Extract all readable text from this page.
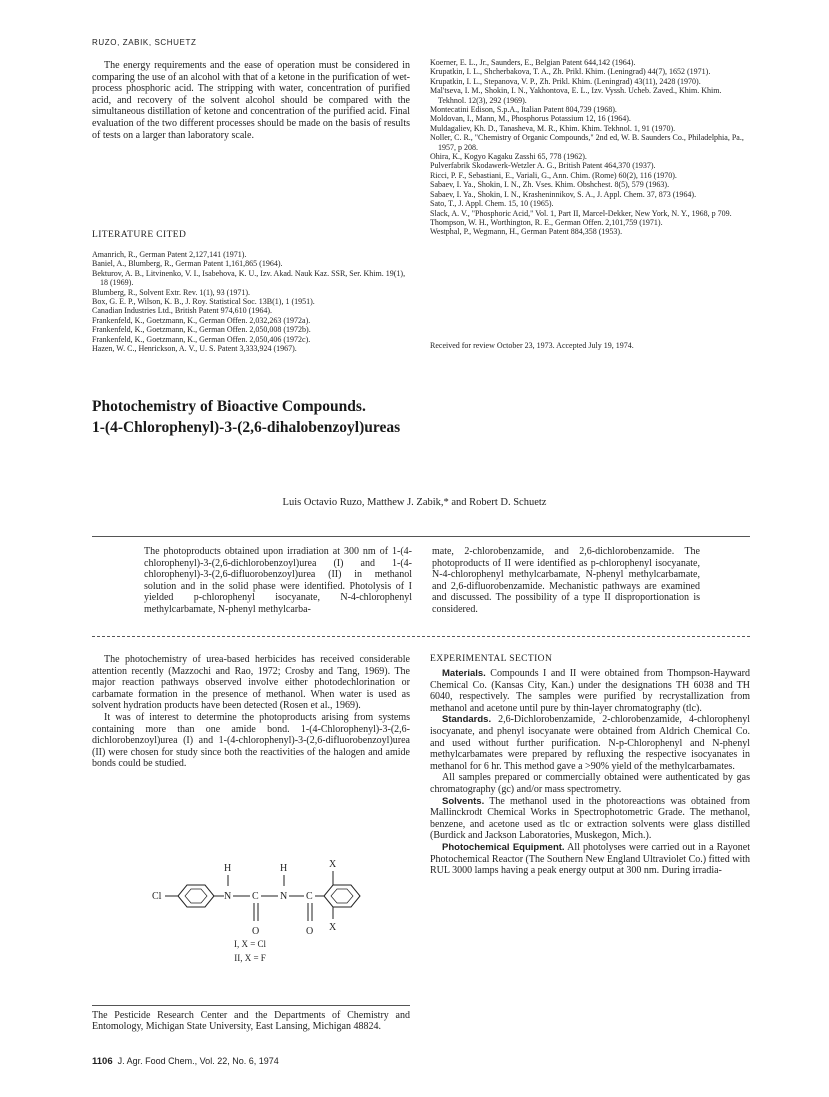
RUZO, ZABIK, SCHUETZ

The energy requirements and the ease of operation must be considered in comparing the use of an alcohol with that of a ketone in the purification of wet-process phosphoric acid. The stripping with water, concentration of purified acid, and recovery of the solvent alcohol should be compared with the simultaneous distillation of ketone and concentration of the purified acid. Final evaluation of the two different processes should be made on the basis of results of tests on a larger than laboratory scale.

LITERATURE CITED
Amanrich, R., German Patent 2,127,141 (1971).
Baniel, A., Blumberg, R., German Patent 1,161,865 (1964).
Bekturov, A. B., Litvinenko, V. I., Isabehova, K. U., Izv. Akad. Nauk Kaz. SSR, Ser. Khim. 19(1), 18 (1969).
Blumberg, R., Solvent Extr. Rev. 1(1), 93 (1971).
Box, G. E. P., Wilson, K. B., J. Roy. Statistical Soc. 13B(1), 1 (1951).
Canadian Industries Ltd., British Patent 974,610 (1964).
Frankenfeld, K., Goetzmann, K., German Offen. 2,032,263 (1972a).
Frankenfeld, K., Goetzmann, K., German Offen. 2,050,008 (1972b).
Frankenfeld, K., Goetzmann, K., German Offen. 2,050,406 (1972c).
Hazen, W. C., Henrickson, A. V., U. S. Patent 3,333,924 (1967).
Koerner, E. L., Jr., Saunders, E., Belgian Patent 644,142 (1964).
Krupatkin, I. L., Shcherbakova, T. A., Zh. Prikl. Khim. (Leningrad) 44(7), 1652 (1971).
Krupatkin, I. L., Stepanova, V. P., Zh. Prikl. Khim. (Leningrad) 43(11), 2428 (1970).
Mal'tseva, I. M., Shokin, I. N., Yakhontova, E. L., Izv. Vyssh. Ucheb. Zaved., Khim. Khim. Tekhnol. 12(3), 292 (1969).
Montecatini Edison, S.p.A., Italian Patent 804,739 (1968).
Moldovan, I., Mann, M., Phosphorus Potassium 12, 16 (1964).
Muldagaliev, Kh. D., Tanasheva, M. R., Khim. Khim. Tekhnol. 1, 91 (1970).
Noller, C. R., "Chemistry of Organic Compounds," 2nd ed, W. B. Saunders Co., Philadelphia, Pa., 1957, p 208.
Ohira, K., Kogyo Kagaku Zasshi 65, 778 (1962).
Pulverfabrik Skodawerk-Wetzler A. G., British Patent 464,370 (1937).
Ricci, P. F., Sebastiani, E., Variali, G., Ann. Chim. (Rome) 60(2), 116 (1970).
Sabaev, I. Ya., Shokin, I. N., Zh. Vses. Khim. Obshchest. 8(5), 579 (1963).
Sabaev, I. Ya., Shokin, I. N., Krasheninnikov, S. A., J. Appl. Chem. 37, 873 (1964).
Sato, T., J. Appl. Chem. 15, 10 (1965).
Slack, A. V., "Phosphoric Acid," Vol. 1, Part II, Marcel-Dekker, New York, N. Y., 1968, p 709.
Thompson, W. H., Worthington, R. E., German Offen. 2,101,759 (1971).
Westphal, P., Wegmann, H., German Patent 884,358 (1953).
Received for review October 23, 1973. Accepted July 19, 1974.
Photochemistry of Bioactive Compounds.
1-(4-Chlorophenyl)-3-(2,6-dihalobenzoyl)ureas
Luis Octavio Ruzo, Matthew J. Zabik,* and Robert D. Schuetz
The photoproducts obtained upon irradiation at 300 nm of 1-(4-chlorophenyl)-3-(2,6-dichlorobenzoyl)urea (I) and 1-(4-chlorophenyl)-3-(2,6-difluorobenzoyl)urea (II) in methanol solution and in the solid phase were identified. Photolysis of I yielded p-chlorophenyl isocyanate, N-4-chlorophenyl methylcarbamate, N-phenyl methylcarba-
mate, 2-chlorobenzamide, and 2,6-dichlorobenzamide. The photoproducts of II were identified as p-chlorophenyl isocyanate, N-4-chlorophenyl methylcarbamate, N-phenyl methylcarbamate, and 2,6-difluorobenzamide. Mechanistic pathways are examined and discussed. The possibility of a type II disproportionation is considered.

The photochemistry of urea-based herbicides has received considerable attention recently (Mazzochi and Rao, 1972; Crosby and Tang, 1969). The major reaction pathways observed involve either photodechlorination or carbamate formation in the presence of methanol. When water is used as solvent hydration products have been detected (Rosen et al., 1969).

It was of interest to determine the photoproducts arising from systems containing more than one amide bond. 1-(4-Chlorophenyl)-3-(2,6-dichlorobenzoyl)urea (I) and 1-(4-chlorophenyl)-3-(2,6-difluorobenzoyl)urea (II) were chosen for study since both the reactivities of the halogen and amide bonds could be studied.

Cl	N
H
C
O
N
H
C
O
X
X
I, X = Cl
II, X = F
The Pesticide Research Center and the Departments of Chemistry and Entomology, Michigan State University, East Lansing, Michigan 48824.
EXPERIMENTAL SECTION

Materials. Compounds I and II were obtained from Thompson-Hayward Chemical Co. (Kansas City, Kan.) under the designations TH 6038 and TH 6040, respectively. The samples were purified by recrystallization from methanol and acetone until pure by thin-layer chromatography (tlc).

Standards. 2,6-Dichlorobenzamide, 2-chlorobenzamide, 4-chlorophenyl isocyanate, and phenyl isocyanate were obtained from Aldrich Chemical Co. and used without further purification. N-p-Chlorophenyl and N-phenyl methylcarbamates were prepared by refluxing the respective isocyanates in methanol for 6 hr. This method gave a >90% yield of the methylcarbamates.

All samples prepared or commercially obtained were authenticated by gas chromatography (gc) and/or mass spectrometry.

Solvents. The methanol used in the photoreactions was obtained from Mallinckrodt Chemical Works in Spectrophotometric Grade. The methanol, benzene, and acetone used as tlc or extraction solvents were glass distilled (Burdick and Jackson Laboratories, Muskegon, Mich.).

Photochemical Equipment. All photolyses were carried out in a Rayonet Photochemical Reactor (The Southern New England Ultraviolet Co.) fitted with RUL 3000 lamps having a peak energy output at 300 nm. During irradia-

1106 J. Agr. Food Chem., Vol. 22, No. 6, 1974
